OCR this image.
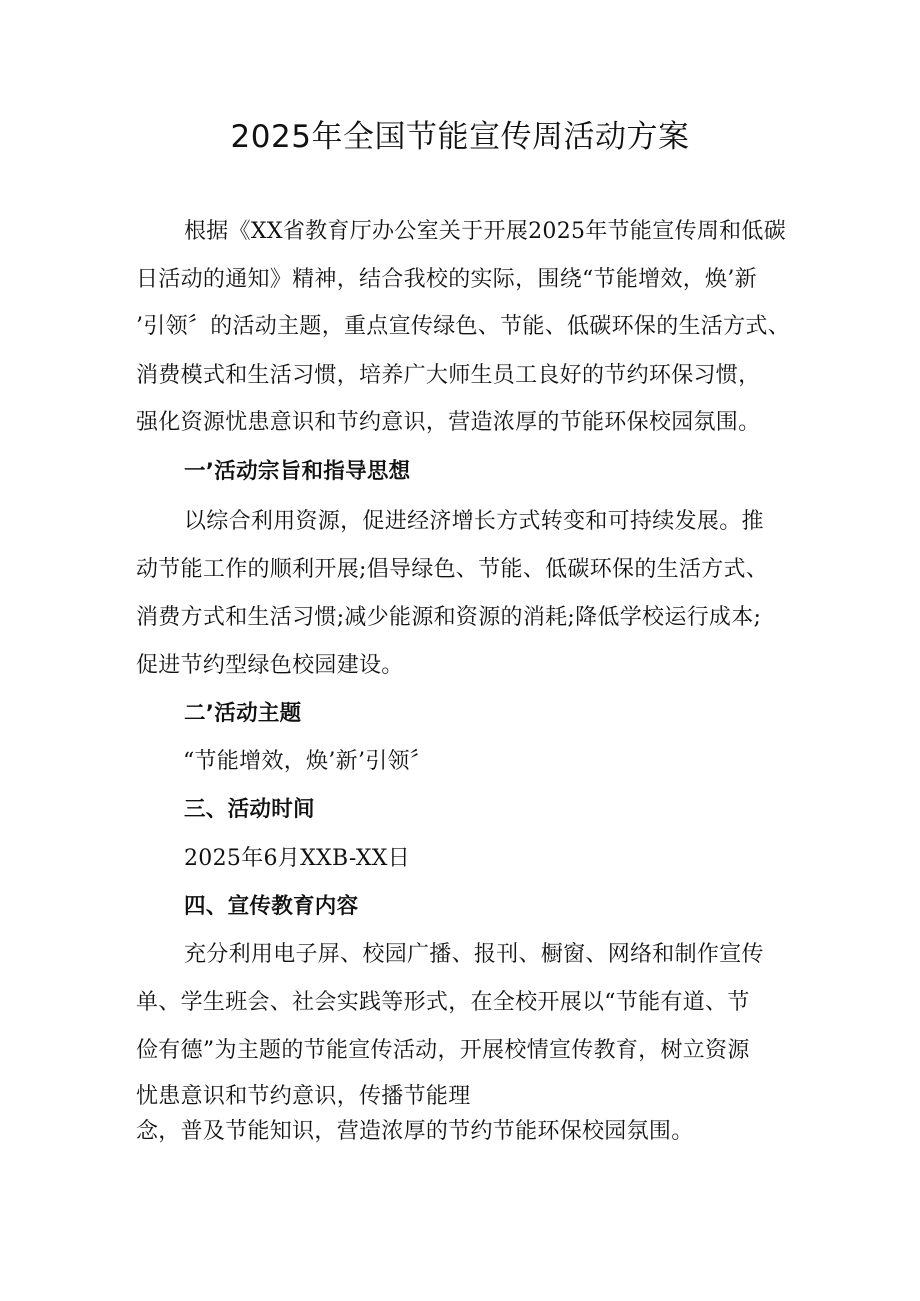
2025年全国节能宣传周活动方案
根据《XX省教育厅办公室关于开展2025年节能宣传周和低碳
日活动的通知》精神，结合我校的实际，围绕“节能增效，焕’新
’引领〞的活动主题，重点宣传绿色、节能、低碳环保的生活方式、
消费模式和生活习惯，培养广大师生员工良好的节约环保习惯，
强化资源忧患意识和节约意识，营造浓厚的节能环保校园氛围。
一’活动宗旨和指导思想
以综合利用资源，促进经济增长方式转变和可持续发展。推
动节能工作的顺利开展;倡导绿色、节能、低碳环保的生活方式、
消费方式和生活习惯;减少能源和资源的消耗;降低学校运行成本;
促进节约型绿色校园建设。
二’活动主题
“节能增效，焕’新’引领〞
三、活动时间
2025年6月XXB-XX日
四、宣传教育内容
充分利用电子屏、校园广播、报刊、橱窗、网络和制作宣传
单、学生班会、社会实践等形式，在全校开展以“节能有道、节
俭有德”为主题的节能宣传活动，开展校情宣传教育，树立资源
忧患意识和节约意识，传播节能理
念，普及节能知识，营造浓厚的节约节能环保校园氛围。
